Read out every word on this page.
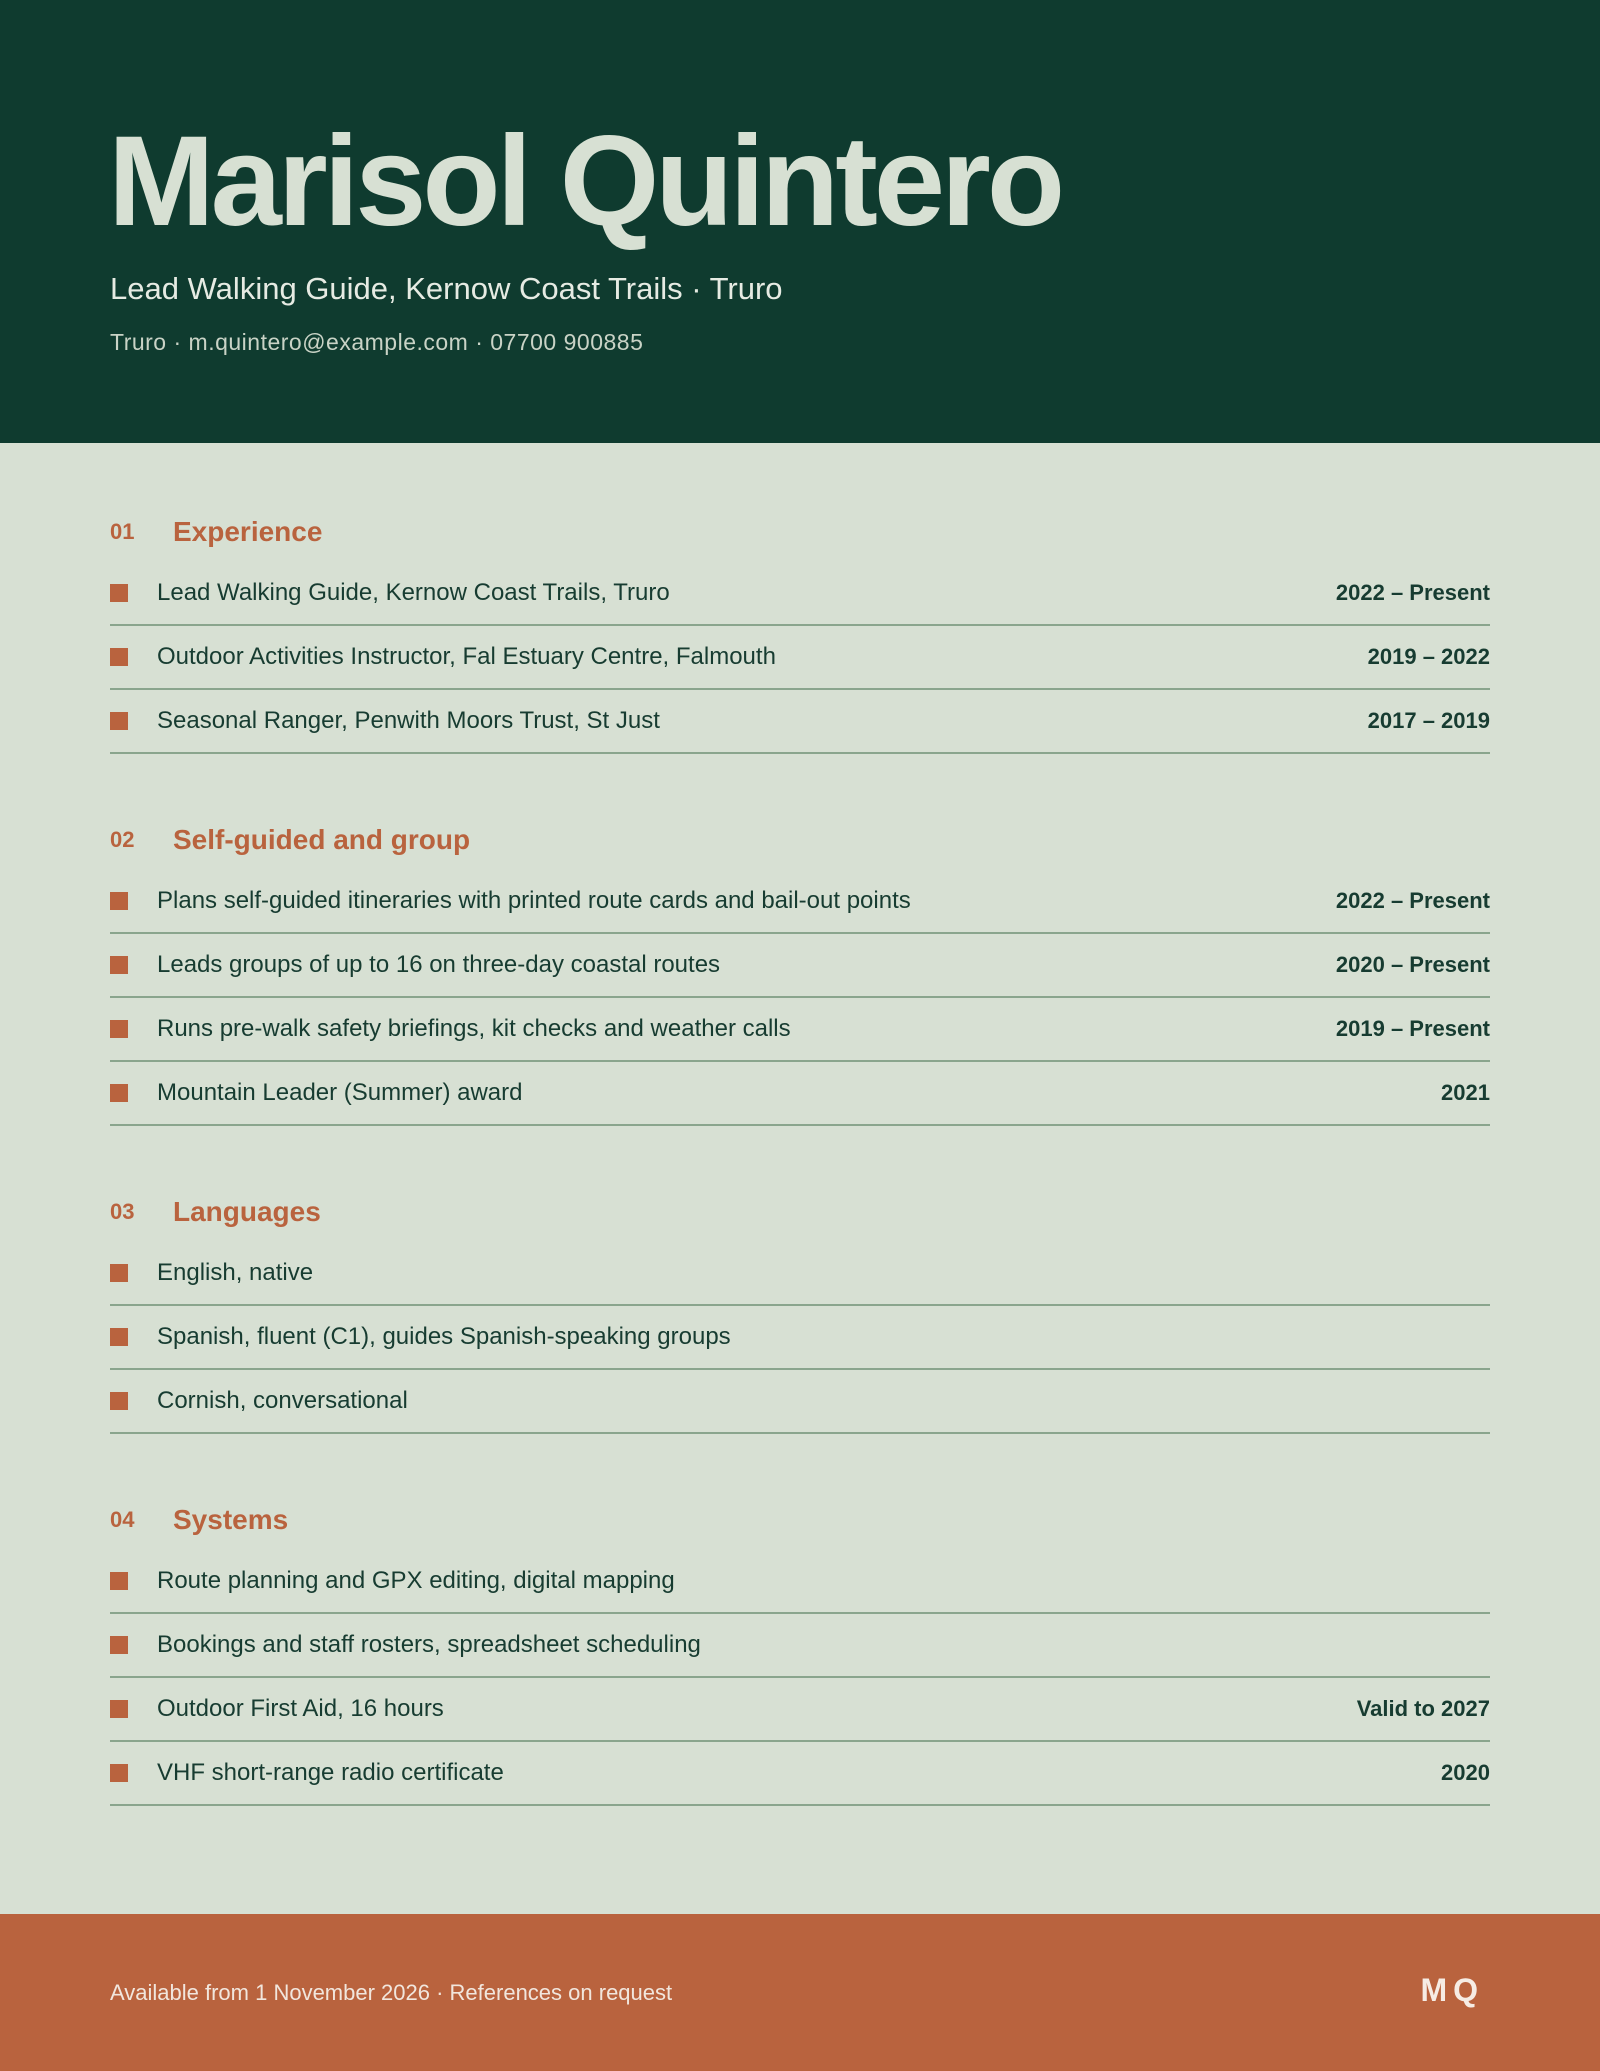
Marisol Quintero
Lead Walking Guide, Kernow Coast Trails · Truro
Truro · m.quintero@example.com · 07700 900885
01	Experience
Lead Walking Guide, Kernow Coast Trails, Truro	2022 – Present
Outdoor Activities Instructor, Fal Estuary Centre, Falmouth	2019 – 2022
Seasonal Ranger, Penwith Moors Trust, St Just	2017 – 2019
02	Self-guided and group
Plans self-guided itineraries with printed route cards and bail-out points	2022 – Present
Leads groups of up to 16 on three-day coastal routes	2020 – Present
Runs pre-walk safety briefings, kit checks and weather calls	2019 – Present
Mountain Leader (Summer) award	2021
03	Languages
English, native
Spanish, fluent (C1), guides Spanish-speaking groups
Cornish, conversational
04	Systems
Route planning and GPX editing, digital mapping
Bookings and staff rosters, spreadsheet scheduling
Outdoor First Aid, 16 hours	Valid to 2027
VHF short-range radio certificate	2020
Available from 1 November 2026 · References on request	MQ
